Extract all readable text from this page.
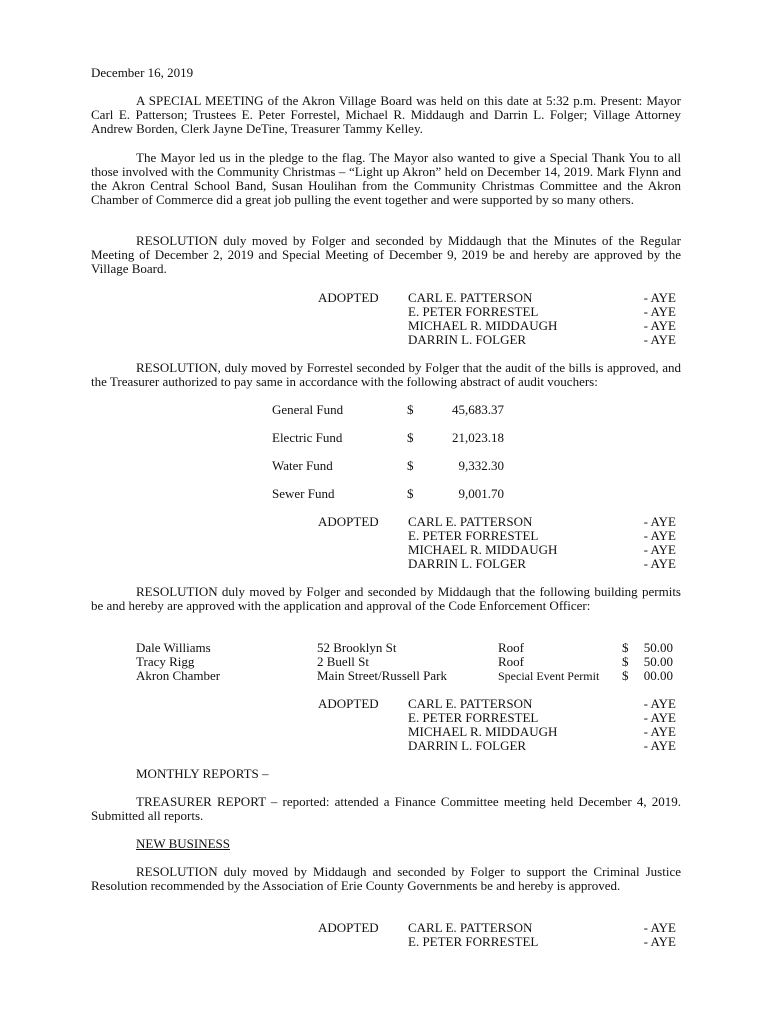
December 16, 2019
A SPECIAL MEETING of the Akron Village Board was held on this date at 5:32 p.m. Present: Mayor Carl E. Patterson; Trustees E. Peter Forrestel, Michael R. Middaugh and Darrin L. Folger; Village Attorney Andrew Borden, Clerk Jayne DeTine, Treasurer Tammy Kelley.
The Mayor led us in the pledge to the flag. The Mayor also wanted to give a Special Thank You to all those involved with the Community Christmas – “Light up Akron” held on December 14, 2019. Mark Flynn and the Akron Central School Band, Susan Houlihan from the Community Christmas Committee and the Akron Chamber of Commerce did a great job pulling the event together and were supported by so many others.
RESOLUTION duly moved by Folger and seconded by Middaugh that the Minutes of the Regular Meeting of December 2, 2019 and Special Meeting of December 9, 2019 be and hereby are approved by the Village Board.
ADOPTED CARL E. PATTERSON	- AYE
E. PETER FORRESTEL	- AYE
MICHAEL R. MIDDAUGH	- AYE
DARRIN L. FOLGER	- AYE
RESOLUTION, duly moved by Forrestel seconded by Folger that the audit of the bills is approved, and the Treasurer authorized to pay same in accordance with the following abstract of audit vouchers:
General Fund	$	45,683.37
Electric Fund	$	21,023.18
Water Fund	$	9,332.30
Sewer Fund	$	9,001.70
ADOPTED CARL E. PATTERSON	- AYE
E. PETER FORRESTEL	- AYE
MICHAEL R. MIDDAUGH	- AYE
DARRIN L. FOLGER	- AYE
RESOLUTION duly moved by Folger and seconded by Middaugh that the following building permits be and hereby are approved with the application and approval of the Code Enforcement Officer:
Dale Williams	52 Brooklyn St	Roof	$ 50.00
Tracy Rigg	2 Buell St	Roof	$ 50.00
Akron Chamber	Main Street/Russell Park	Special Event Permit $ 00.00
ADOPTED CARL E. PATTERSON	- AYE
E. PETER FORRESTEL	- AYE
MICHAEL R. MIDDAUGH	- AYE
DARRIN L. FOLGER	- AYE
MONTHLY REPORTS –
TREASURER REPORT – reported: attended a Finance Committee meeting held December 4, 2019. Submitted all reports.
NEW BUSINESS
RESOLUTION duly moved by Middaugh and seconded by Folger to support the Criminal Justice Resolution recommended by the Association of Erie County Governments be and hereby is approved.
ADOPTED CARL E. PATTERSON	- AYE
E. PETER FORRESTEL	- AYE
